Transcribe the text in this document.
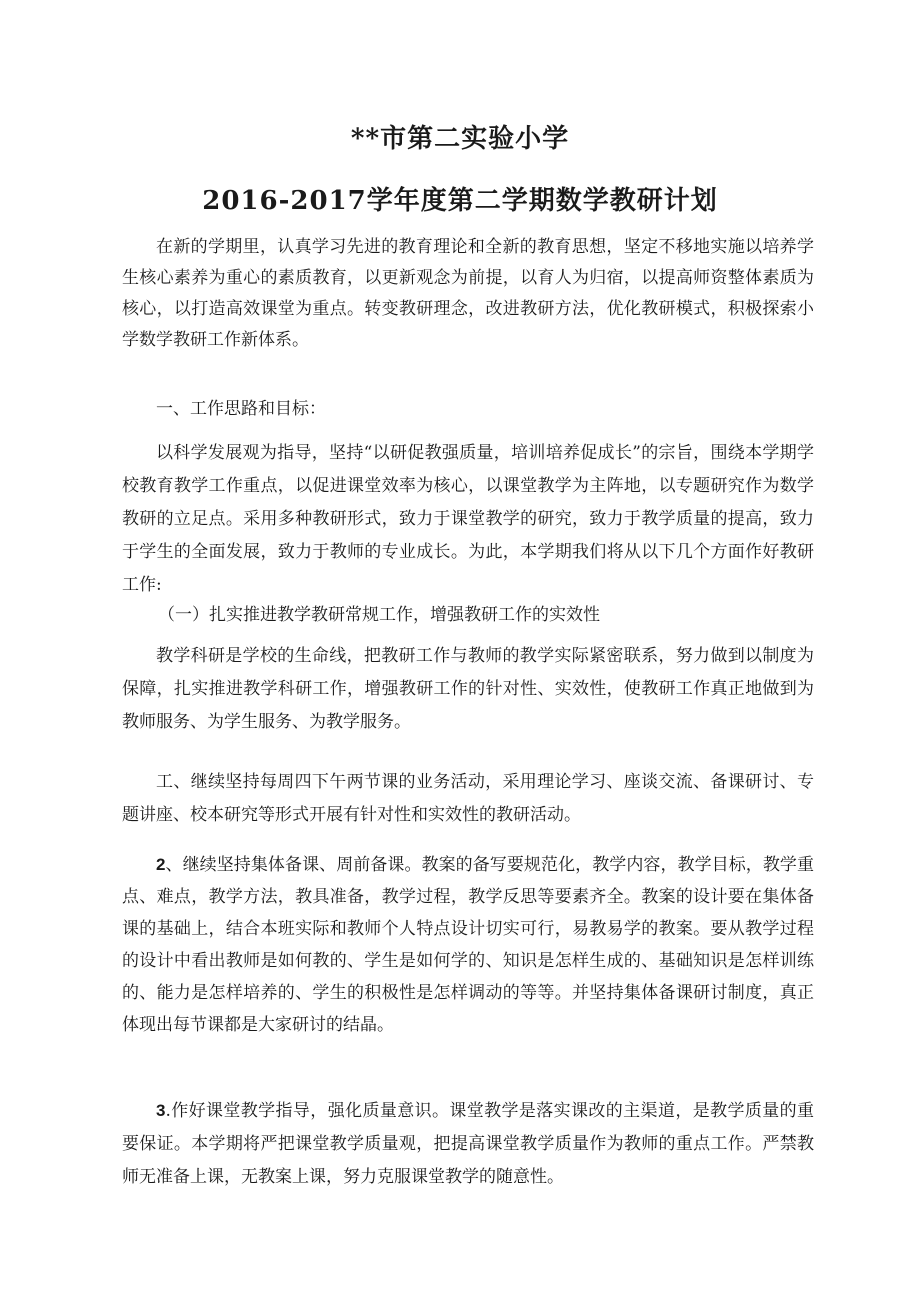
**市第二实验小学
2016-2017学年度第二学期数学教研计划

在新的学期里，认真学习先进的教育理论和全新的教育思想，坚定不移地实施以培养学生核心素养为重心的素质教育，以更新观念为前提，以育人为归宿，以提高师资整体素质为核心，以打造高效课堂为重点。转变教研理念，改进教研方法，优化教研模式，积极探索小学数学教研工作新体系。

一、工作思路和目标：

以科学发展观为指导，坚持“以研促教强质量，培训培养促成长”的宗旨，围绕本学期学校教育教学工作重点，以促进课堂效率为核心，以课堂教学为主阵地，以专题研究作为数学教研的立足点。采用多种教研形式，致力于课堂教学的研究，致力于教学质量的提高，致力于学生的全面发展，致力于教师的专业成长。为此，本学期我们将从以下几个方面作好教研工作:

（一）扎实推进教学教研常规工作，增强教研工作的实效性

教学科研是学校的生命线，把教研工作与教师的教学实际紧密联系，努力做到以制度为保障，扎实推进教学科研工作，增强教研工作的针对性、实效性，使教研工作真正地做到为教师服务、为学生服务、为教学服务。

工、继续坚持每周四下午两节课的业务活动，采用理论学习、座谈交流、备课研讨、专题讲座、校本研究等形式开展有针对性和实效性的教研活动。

2、继续坚持集体备课、周前备课。教案的备写要规范化，教学内容，教学目标，教学重点、难点，教学方法，教具准备，教学过程，教学反思等要素齐全。教案的设计要在集体备课的基础上，结合本班实际和教师个人特点设计切实可行，易教易学的教案。要从教学过程的设计中看出教师是如何教的、学生是如何学的、知识是怎样生成的、基础知识是怎样训练的、能力是怎样培养的、学生的积极性是怎样调动的等等。并坚持集体备课研讨制度，真正体现出每节课都是大家研讨的结晶。

3.作好课堂教学指导，强化质量意识。课堂教学是落实课改的主渠道，是教学质量的重要保证。本学期将严把课堂教学质量观，把提高课堂教学质量作为教师的重点工作。严禁教师无准备上课，无教案上课，努力克服课堂教学的随意性。
